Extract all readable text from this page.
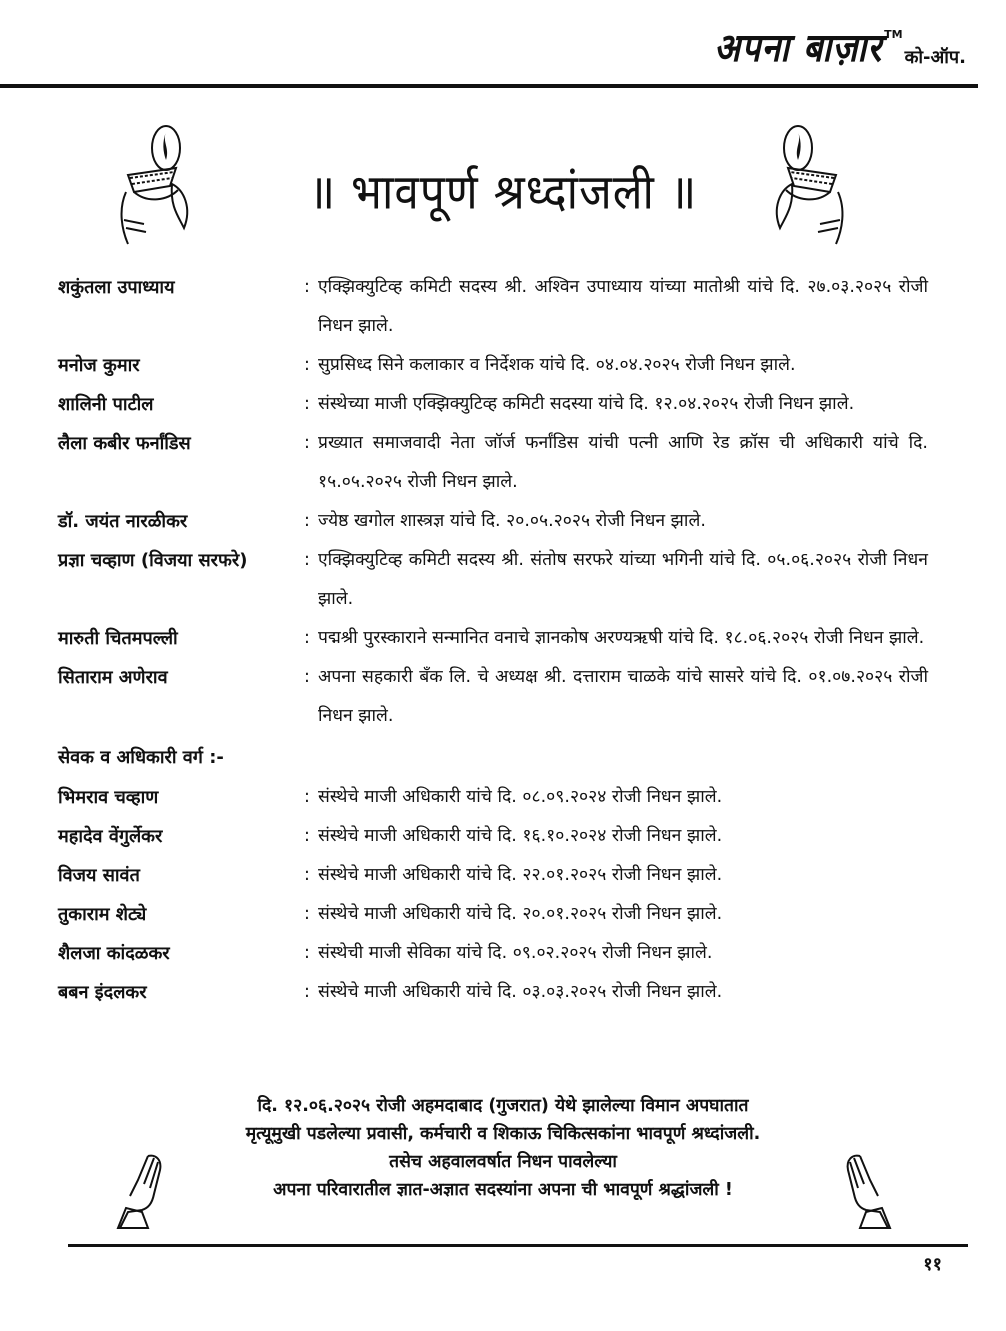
अपना बाज़ार TM
को-ऑप.
॥ भावपूर्ण श्रध्दांजली ॥
शकुंतला उपाध्याय	: एक्झिक्युटिव्ह कमिटी सदस्य श्री. अश्विन उपाध्याय यांच्या मातोश्री यांचे दि. २७.०३.२०२५ रोजी निधन झाले.
मनोज कुमार	: सुप्रसिध्द सिने कलाकार व निर्देशक यांचे दि. ०४.०४.२०२५ रोजी निधन झाले.
शालिनी पाटील	: संस्थेच्या माजी एक्झिक्युटिव्ह कमिटी सदस्या यांचे दि. १२.०४.२०२५ रोजी निधन झाले.
लैला कबीर फर्नांडिस	: प्रख्यात समाजवादी नेता जॉर्ज फर्नांडिस यांची पत्नी आणि रेड क्रॉस ची अधिकारी यांचे दि. १५.०५.२०२५ रोजी निधन झाले.
डॉ. जयंत नारळीकर	: ज्येष्ठ खगोल शास्त्रज्ञ यांचे दि. २०.०५.२०२५ रोजी निधन झाले.
प्रज्ञा चव्हाण (विजया सरफरे)	: एक्झिक्युटिव्ह कमिटी सदस्य श्री. संतोष सरफरे यांच्या भगिनी यांचे दि. ०५.०६.२०२५ रोजी निधन झाले.
मारुती चितमपल्ली	: पद्मश्री पुरस्काराने सन्मानित वनाचे ज्ञानकोष अरण्यऋषी यांचे दि. १८.०६.२०२५ रोजी निधन झाले.
सिताराम अणेराव	: अपना सहकारी बँक लि. चे अध्यक्ष श्री. दत्ताराम चाळके यांचे सासरे यांचे दि. ०१.०७.२०२५ रोजी निधन झाले.
सेवक व अधिकारी वर्ग :-
भिमराव चव्हाण	: संस्थेचे माजी अधिकारी यांचे दि. ०८.०९.२०२४ रोजी निधन झाले.
महादेव वेंगुर्लेकर	: संस्थेचे माजी अधिकारी यांचे दि. १६.१०.२०२४ रोजी निधन झाले.
विजय सावंत	: संस्थेचे माजी अधिकारी यांचे दि. २२.०१.२०२५ रोजी निधन झाले.
तुकाराम शेट्ये	: संस्थेचे माजी अधिकारी यांचे दि. २०.०१.२०२५ रोजी निधन झाले.
शैलजा कांदळकर	: संस्थेची माजी सेविका यांचे दि. ०९.०२.२०२५ रोजी निधन झाले.
बबन इंदलकर	: संस्थेचे माजी अधिकारी यांचे दि. ०३.०३.२०२५ रोजी निधन झाले.
दि. १२.०६.२०२५ रोजी अहमदाबाद (गुजरात) येथे झालेल्या विमान अपघातात
मृत्यूमुखी पडलेल्या प्रवासी, कर्मचारी व शिकाऊ चिकित्सकांना भावपूर्ण श्रध्दांजली.
तसेच अहवालवर्षात निधन पावलेल्या
अपना परिवारातील ज्ञात-अज्ञात सदस्यांना अपना ची भावपूर्ण श्रद्धांजली !
११
